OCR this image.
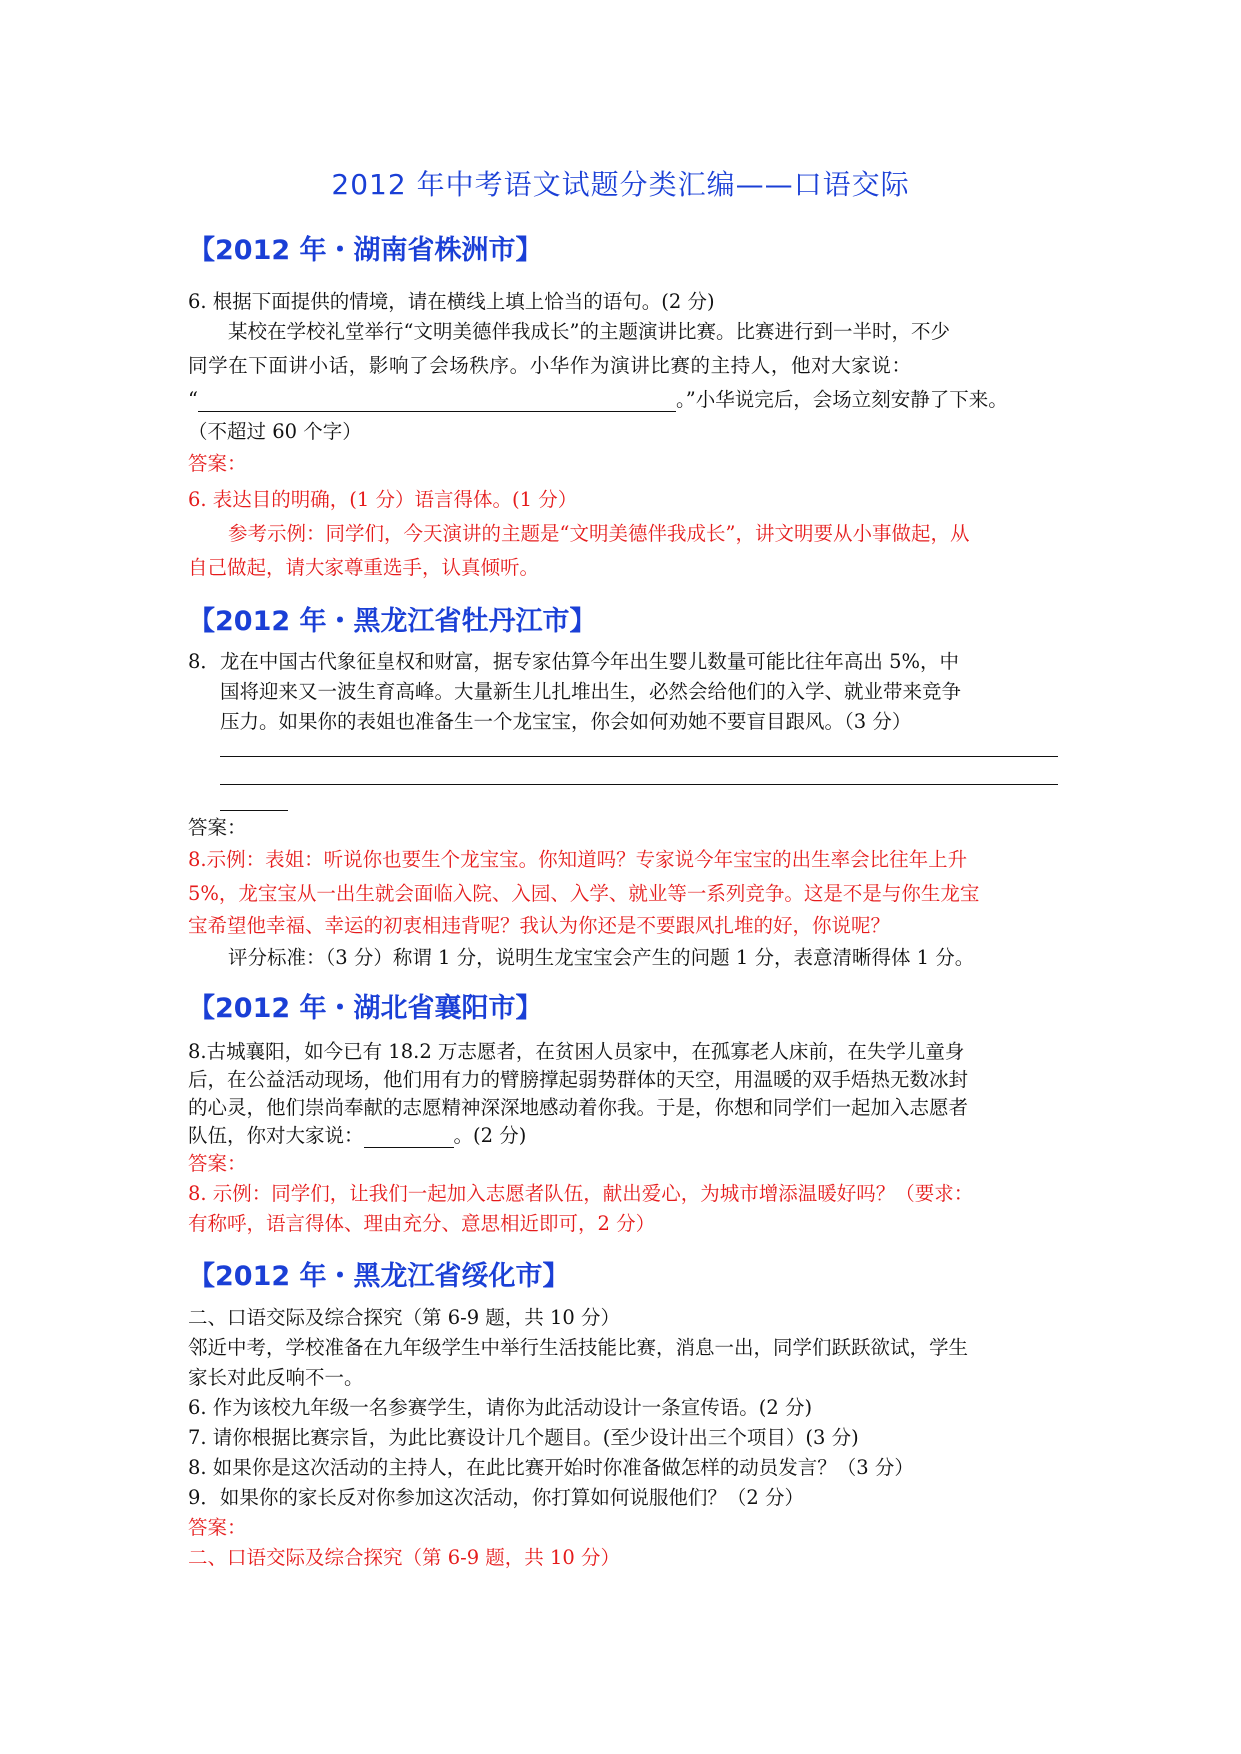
2012 年中考语文试题分类汇编——口语交际
【2012 年・湖南省株洲市】
6. 根据下面提供的情境，请在横线上填上恰当的语句。(2 分)
某校在学校礼堂举行“文明美德伴我成长”的主题演讲比赛。比赛进行到一半时，不少
同学在下面讲小话，影响了会场秩序。小华作为演讲比赛的主持人，他对大家说：
“	。”小华说完后，会场立刻安静了下来。
（不超过 60 个字）
答案：
6. 表达目的明确，(1 分）语言得体。(1 分）
参考示例：同学们，今天演讲的主题是“文明美德伴我成长”，讲文明要从小事做起，从
自己做起，请大家尊重选手，认真倾听。
【2012 年・黑龙江省牡丹江市】
8．龙在中国古代象征皇权和财富，据专家估算今年出生婴儿数量可能比往年高出 5%，中
国将迎来又一波生育高峰。大量新生儿扎堆出生，必然会给他们的入学、就业带来竞争
压力。如果你的表姐也准备生一个龙宝宝，你会如何劝她不要盲目跟风。（3 分）
答案：
8.示例：表姐：听说你也要生个龙宝宝。你知道吗？专家说今年宝宝的出生率会比往年上升
5%，龙宝宝从一出生就会面临入院、入园、入学、就业等一系列竞争。这是不是与你生龙宝
宝希望他幸福、幸运的初衷相违背呢？我认为你还是不要跟风扎堆的好，你说呢？
评分标准：（3 分）称谓 1 分，说明生龙宝宝会产生的问题 1 分，表意清晰得体 1 分。
【2012 年・湖北省襄阳市】
8.古城襄阳，如今已有 18.2 万志愿者，在贫困人员家中，在孤寡老人床前，在失学儿童身
后，在公益活动现场，他们用有力的臂膀撑起弱势群体的天空，用温暖的双手焐热无数冰封
的心灵，他们崇尚奉献的志愿精神深深地感动着你我。于是，你想和同学们一起加入志愿者
队伍，你对大家说：	。(2 分)
答案：
8. 示例：同学们，让我们一起加入志愿者队伍，献出爱心，为城市增添温暖好吗？（要求：
有称呼，语言得体、理由充分、意思相近即可，2 分）
【2012 年・黑龙江省绥化市】
二、口语交际及综合探究（第 6-9 题，共 10 分）
邻近中考，学校准备在九年级学生中举行生活技能比赛，消息一出，同学们跃跃欲试，学生
家长对此反响不一。
6. 作为该校九年级一名参赛学生，请你为此活动设计一条宣传语。(2 分)
7. 请你根据比赛宗旨，为此比赛设计几个题目。(至少设计出三个项目）(3 分)
8. 如果你是这次活动的主持人，在此比赛开始时你准备做怎样的动员发言？（3 分）
9．如果你的家长反对你参加这次活动，你打算如何说服他们？（2 分）
答案：
二、口语交际及综合探究（第 6-9 题，共 10 分）
